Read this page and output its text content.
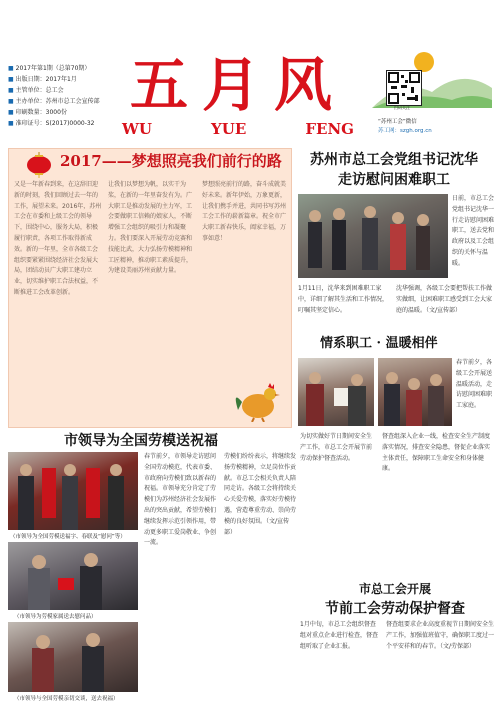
■ 2017年第1期（总第70期）
■ 出版日期：2017年1月
■ 主管单位：总工会
■ 主办单位：苏州市总工会宣传部
■ 印刷数量：3000份
■ 准印证号：S(2017)0000-32
五月风
WU	YUE	FENG
扫码关注
“苏州工会”微信
苏工网：szgh.org.cn
2017——梦想照亮我们前行的路
又是一年新春到来，在这辞旧迎新的时刻，我们回顾过去一年的工作，展望未来。2016年，苏州工会在市委和上级工会的领导下，围绕中心，服务大局，积极履行职责，各项工作取得新成效。新的一年里，全市各级工会组织要紧紧围绕经济社会发展大局，团结动员广大职工建功立业，切实维护职工合法权益，不断推进工会改革创新。
让我们以梦想为帆，以实干为桨，在新的一年里奋发有为。广大职工是推动发展的主力军，工会要做职工信赖的娘家人，不断增强工会组织的吸引力和凝聚力。我们要深入开展劳动竞赛和技能比武，大力弘扬劳模精神和工匠精神，推动职工素质提升，为建设美丽苏州贡献力量。
梦想照亮前行的路，奋斗成就美好未来。新年伊始，万象更新，让我们携手并进，共同书写苏州工会工作的崭新篇章。祝全市广大职工新春快乐，阖家幸福，万事如意！
苏州市总工会党组书记沈华
走访慰问困难职工
日前，市总工会党组书记沈华一行走访慰问困难职工，送去党和政府以及工会组织的关怀与温暖。
1月11日，沈华来到困难职工家中，详细了解其生活和工作情况，叮嘱其坚定信心。
沈华强调，各级工会要把帮扶工作做实做细，让困难职工感受到工会大家庭的温暖。（文/宣传部）
情系职工 · 温暖相伴
春节前夕，各级工会开展送温暖活动，走访慰问困难职工家庭。
市领导为全国劳模送祝福
（市领导为全国劳模送福字、春联及“慰问”等）
（市领导为劳模家属送去慰问品）
（市领导与全国劳模亲切交谈，送去祝福）
春节前夕，市领导走访慰问全国劳动模范，代表市委、市政府向劳模们致以新春的祝福。市领导充分肯定了劳模们为苏州经济社会发展作出的突出贡献，希望劳模们继续发挥示范引领作用，带动更多职工爱岗敬业、争创一流。
劳模们纷纷表示，将继续发扬劳模精神，立足岗位作贡献。市总工会相关负责人陪同走访。各级工会将持续关心关爱劳模，落实好劳模待遇，营造尊重劳动、崇尚劳模的良好氛围。（文/宣传部）
为切实做好节日期间安全生产工作，市总工会开展节前劳动保护督查活动。
督查组深入企业一线，检查安全生产制度落实情况，排查安全隐患，督促企业落实主体责任，保障职工生命安全和身体健康。
市总工会开展
节前工会劳动保护督查
1月中旬，市总工会组织督查组对重点企业进行检查，督查组听取了企业汇报。
督查组要求企业高度重视节日期间安全生产工作，加强值班值守，确保职工度过一个平安祥和的春节。（文/劳保部）
